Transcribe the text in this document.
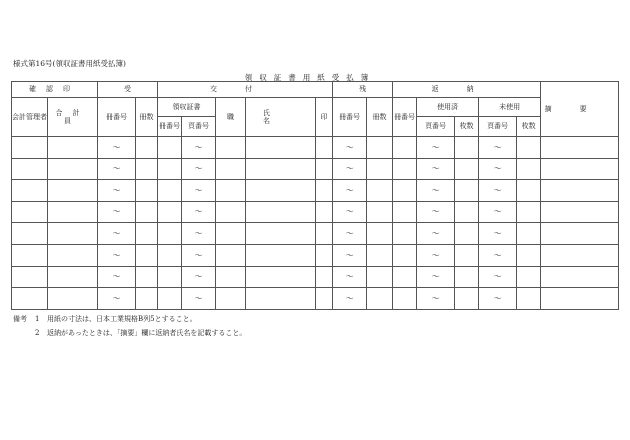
様式第16号(領収証書用紙受払簿)
領収証書用紙受払簿
確認印		受		交付					残		返納					摘要
会計管理者	合計員	冊番号	冊数	領収証書		職	氏名	印	冊番号	冊数	冊番号	使用済		未使用		
				冊番号	頁番号							頁番号	枚数	頁番号	枚数	
		〜			〜				〜			〜		〜		
		〜			〜				〜			〜		〜		
		〜			〜				〜			〜		〜		
		〜			〜				〜			〜		〜		
		〜			〜				〜			〜		〜		
		〜			〜				〜			〜		〜		
		〜			〜				〜			〜		〜		
		〜			〜				〜			〜		〜		
備考	1	用紙の寸法は、日本工業規格B列5とすること。
2	返納があったときは、「摘要」欄に返納者氏名を記載すること。
